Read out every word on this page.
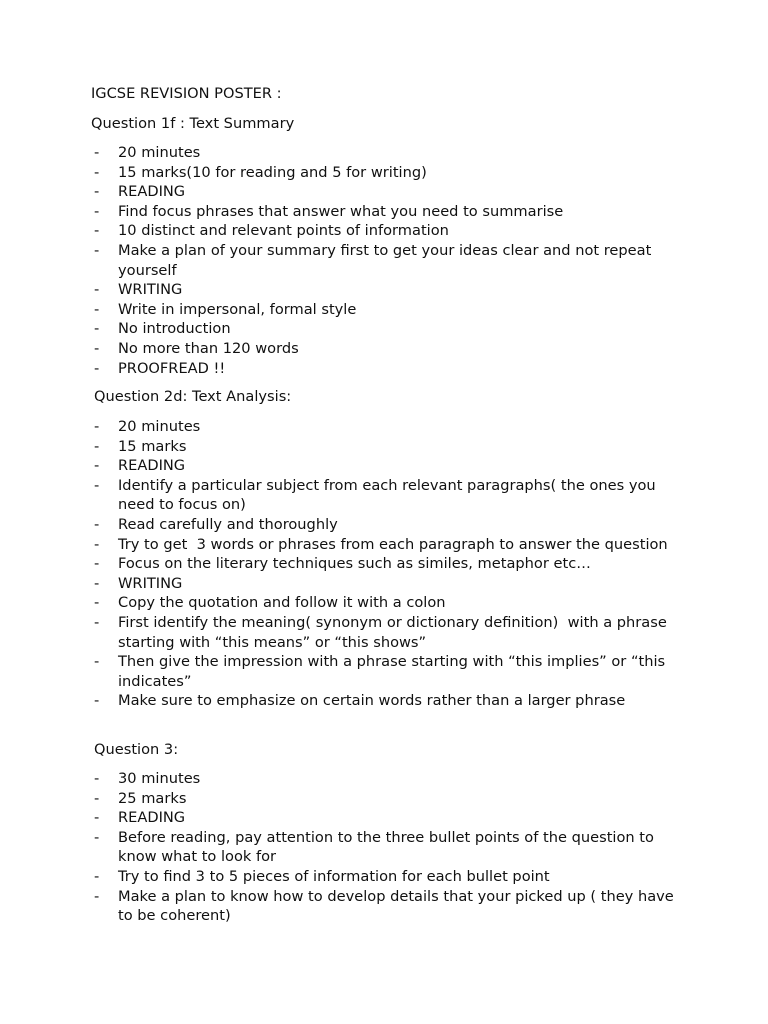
IGCSE REVISION POSTER :
Question 1f : Text Summary
- 20 minutes
- 15 marks(10 for reading and 5 for writing)
- READING
- Find focus phrases that answer what you need to summarise
- 10 distinct and relevant points of information
- Make a plan of your summary first to get your ideas clear and not repeat yourself
- WRITING
- Write in impersonal, formal style
- No introduction
- No more than 120 words
- PROOFREAD !!
Question 2d: Text Analysis:
- 20 minutes
- 15 marks
- READING
- Identify a particular subject from each relevant paragraphs( the ones you need to focus on)
- Read carefully and thoroughly
- Try to get  3 words or phrases from each paragraph to answer the question
- Focus on the literary techniques such as similes, metaphor etc…
- WRITING
- Copy the quotation and follow it with a colon
- First identify the meaning( synonym or dictionary definition)  with a phrase starting with “this means” or “this shows”
- Then give the impression with a phrase starting with “this implies” or “this indicates”
- Make sure to emphasize on certain words rather than a larger phrase
Question 3:
- 30 minutes
- 25 marks
- READING
- Before reading, pay attention to the three bullet points of the question to know what to look for
- Try to find 3 to 5 pieces of information for each bullet point
- Make a plan to know how to develop details that your picked up ( they have to be coherent)
